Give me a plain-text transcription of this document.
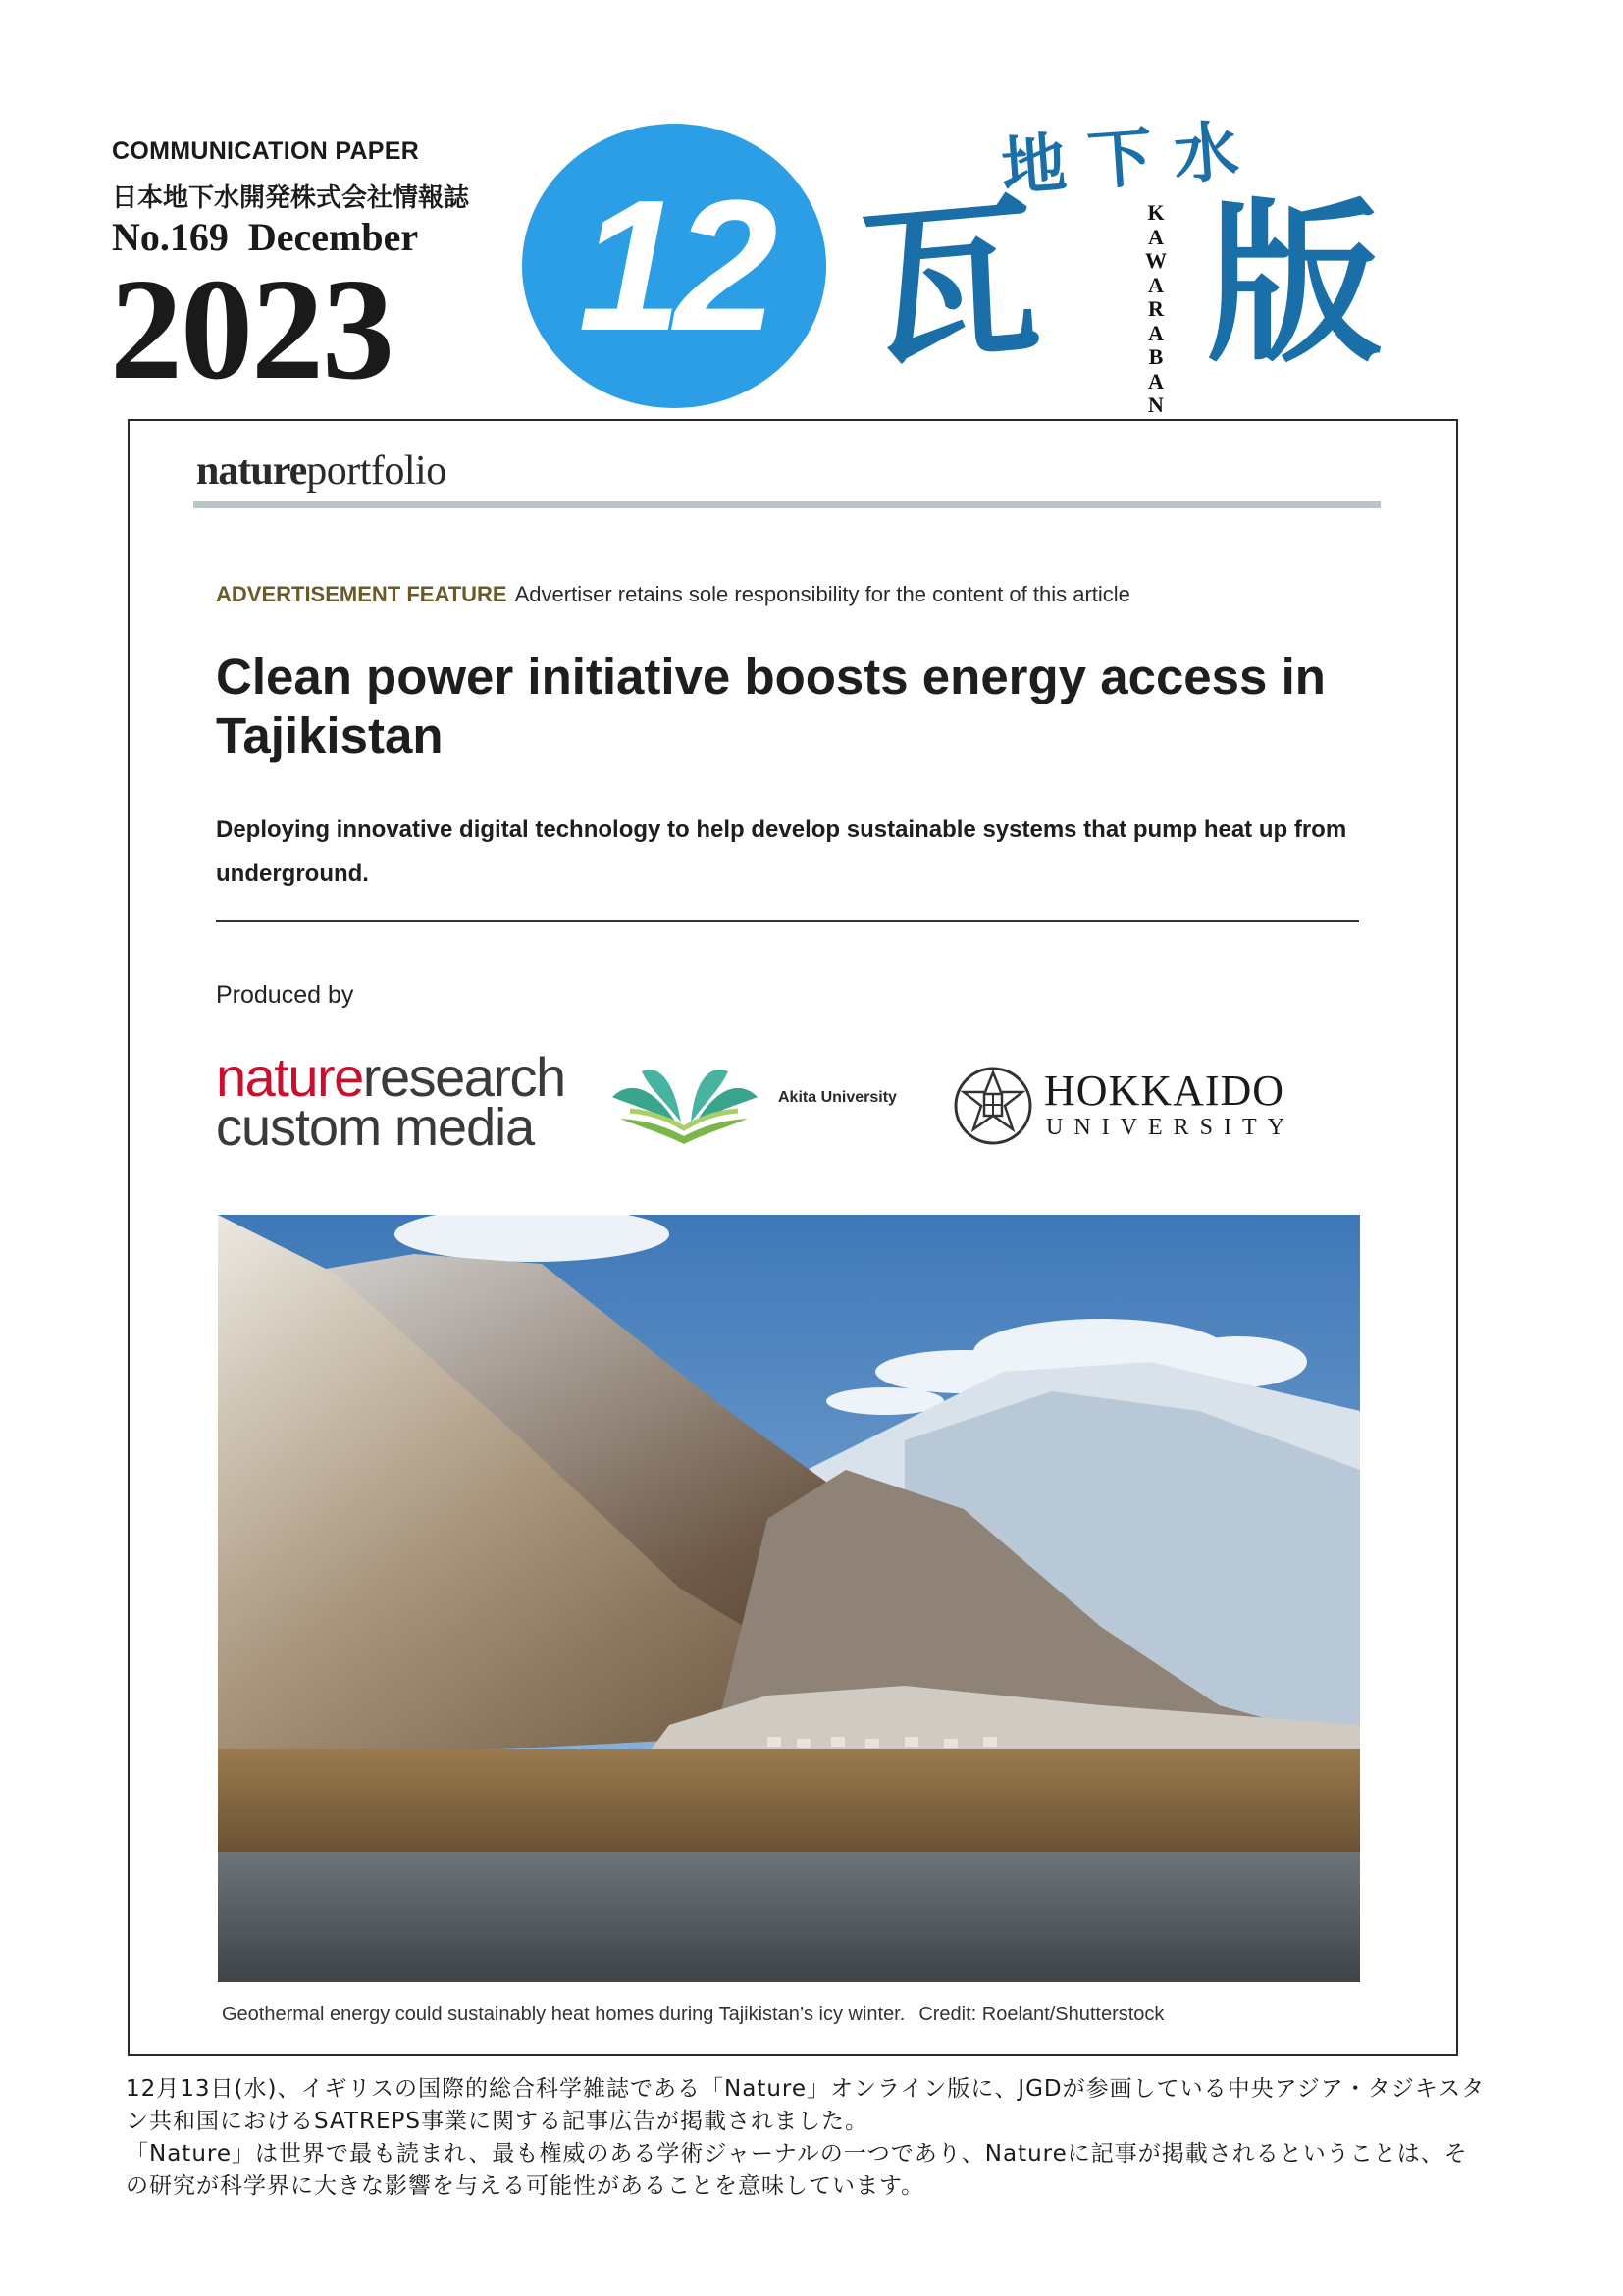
COMMUNICATION PAPER
日本地下水開発株式会社情報誌
No.169  December
2023 12
地下水
瓦	KAWARABAN
版
natureportfolio
ADVERTISEMENT FEATURE Advertiser retains sole responsibility for the content of this article
Clean power initiative boosts energy access in Tajikistan
Deploying innovative digital technology to help develop sustainable systems that pump heat up from underground.
Produced by
natureresearch
custom media
Akita University	HOKKAIDO
UNIVERSITY
Geothermal energy could sustainably heat homes during Tajikistan’s icy winter. Credit: Roelant/Shutterstock

12月13日(水)、イギリスの国際的総合科学雑誌である「Nature」オンライン版に、JGDが参画している中央アジア・タジキスタン共和国におけるSATREPS事業に関する記事広告が掲載されました。

「Nature」は世界で最も読まれ、最も権威のある学術ジャーナルの一つであり、Natureに記事が掲載されるということは、その研究が科学界に大きな影響を与える可能性があることを意味しています。
